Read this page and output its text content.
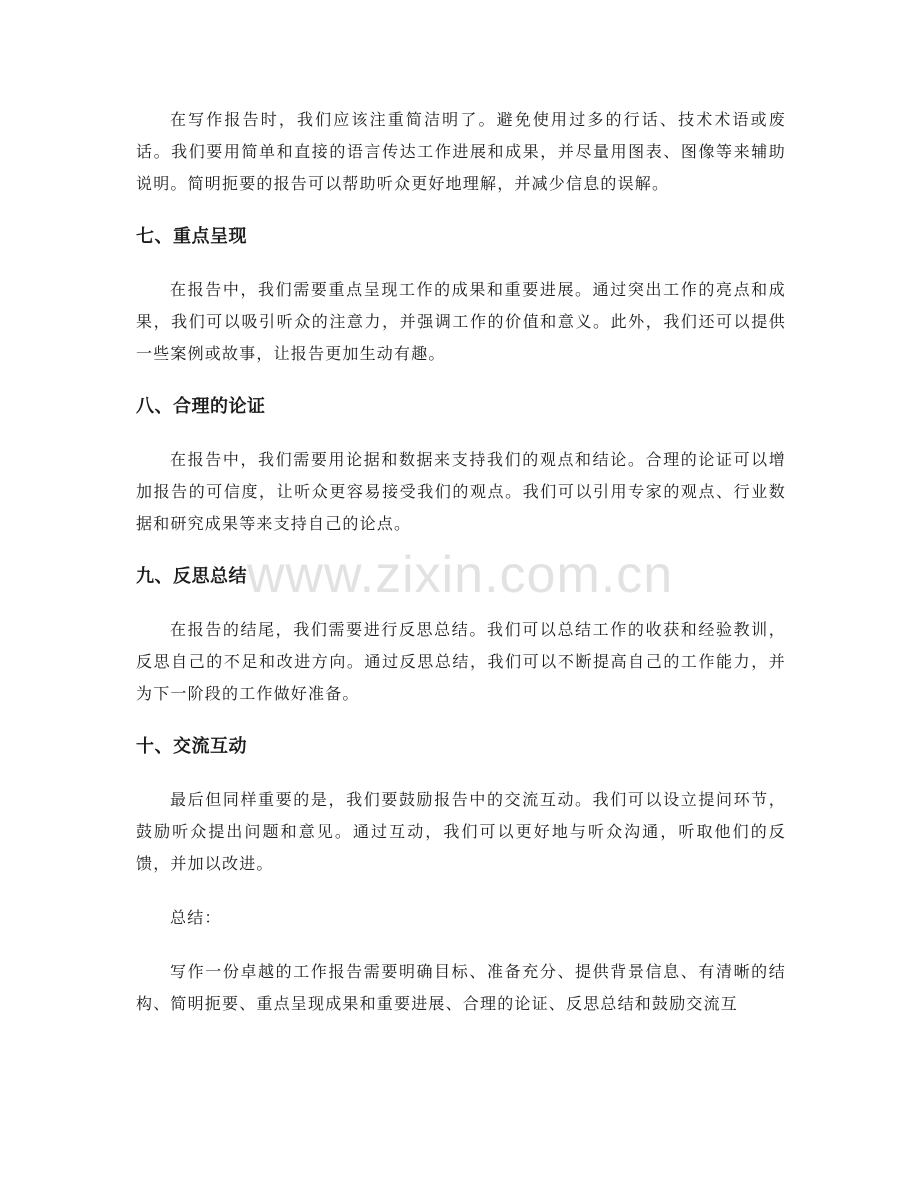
在写作报告时，我们应该注重简洁明了。避免使用过多的行话、技术术语或废话。我们要用简单和直接的语言传达工作进展和成果，并尽量用图表、图像等来辅助说明。简明扼要的报告可以帮助听众更好地理解，并减少信息的误解。

七、重点呈现

在报告中，我们需要重点呈现工作的成果和重要进展。通过突出工作的亮点和成果，我们可以吸引听众的注意力，并强调工作的价值和意义。此外，我们还可以提供一些案例或故事，让报告更加生动有趣。

八、合理的论证

在报告中，我们需要用论据和数据来支持我们的观点和结论。合理的论证可以增加报告的可信度，让听众更容易接受我们的观点。我们可以引用专家的观点、行业数据和研究成果等来支持自己的论点。

九、反思总结

在报告的结尾，我们需要进行反思总结。我们可以总结工作的收获和经验教训，反思自己的不足和改进方向。通过反思总结，我们可以不断提高自己的工作能力，并为下一阶段的工作做好准备。

十、交流互动

最后但同样重要的是，我们要鼓励报告中的交流互动。我们可以设立提问环节，鼓励听众提出问题和意见。通过互动，我们可以更好地与听众沟通，听取他们的反馈，并加以改进。

总结：

写作一份卓越的工作报告需要明确目标、准备充分、提供背景信息、有清晰的结构、简明扼要、重点呈现成果和重要进展、合理的论证、反思总结和鼓励交流互

www.zixin.com.cn
